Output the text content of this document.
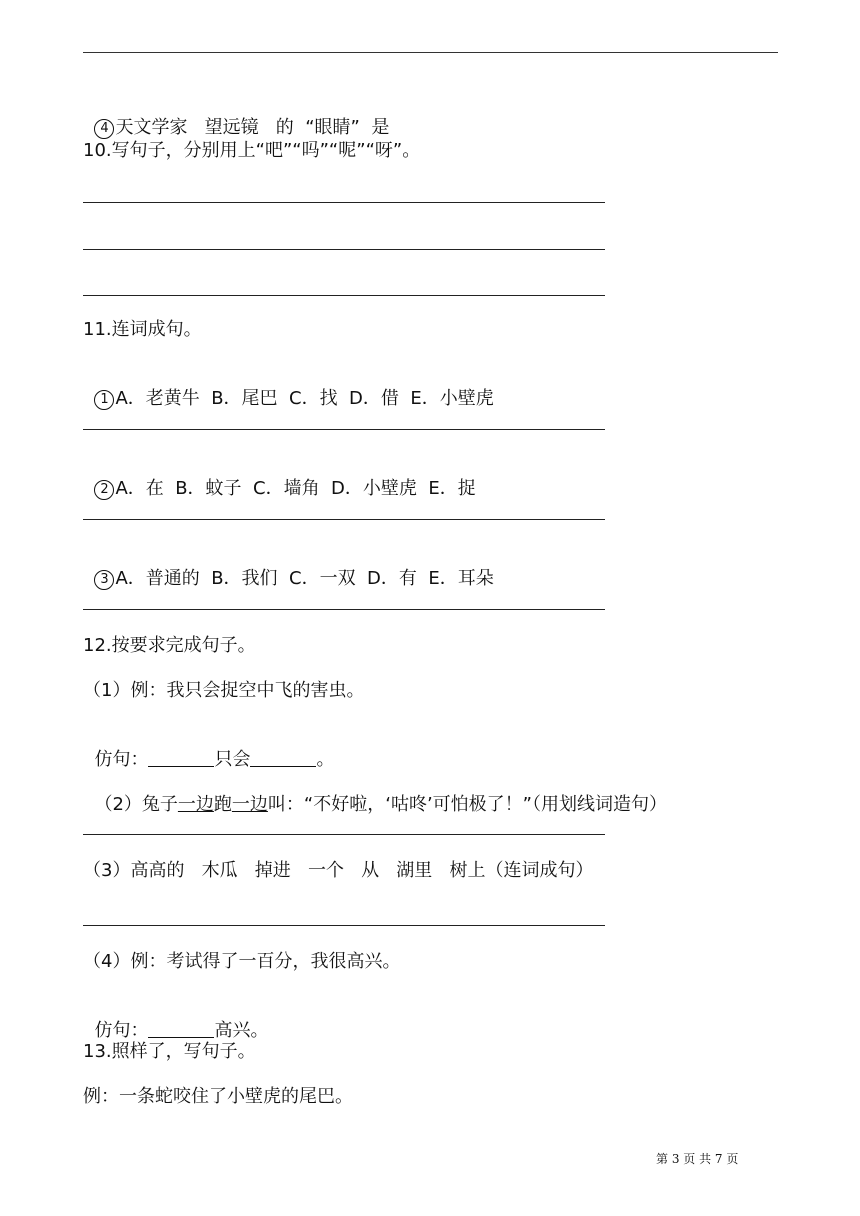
4 天文学家   望远镜   的  “眼睛”  是

10.写句子，分别用上“吧”“吗”“呢”“呀”。
11.连词成句。

1 A．老黄牛  B．尾巴  C．找  D．借  E．小壁虎

2 A．在  B．蚊子  C．墙角  D．小壁虎  E．捉

3 A．普通的  B．我们  C．一双  D．有  E．耳朵

12.按要求完成句子。
（1）例：我只会捉空中飞的害虫。

仿句：	只会	。

（2）兔子一边跑一边叫：“不好啦，‘咕咚’可怕极了！”（用划线词造句）

（3）高高的   木瓜   掉进   一个   从   湖里   树上（连词成句）
（4）例：考试得了一百分，我很高兴。

仿句：	高兴。

13.照样了，写句子。
例：一条蛇咬住了小壁虎的尾巴。
第 3 页 共 7 页
